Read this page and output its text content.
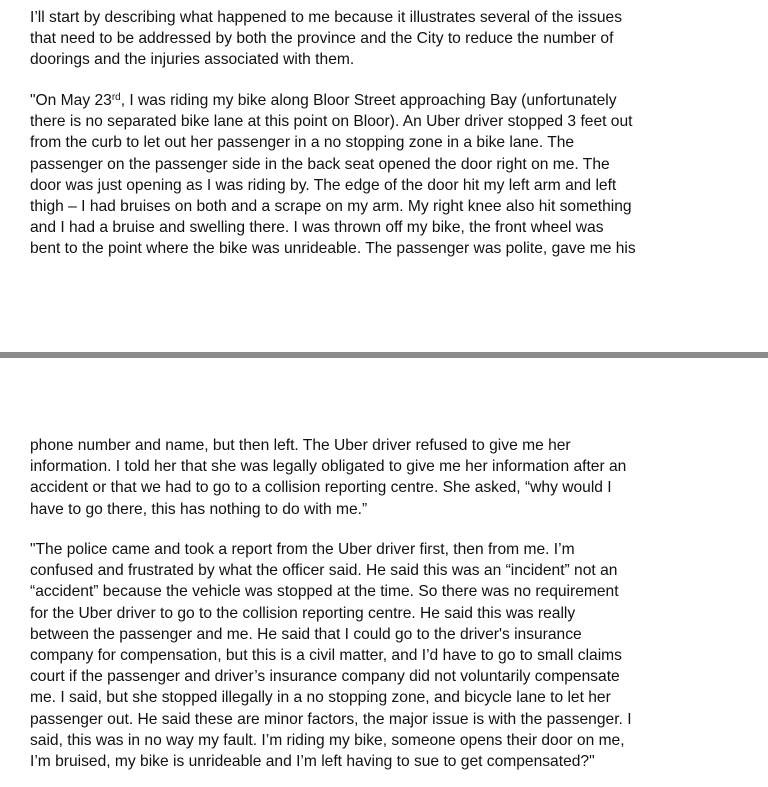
I’ll start by describing what happened to me because it illustrates several of the issues
that need to be addressed by both the province and the City to reduce the number of
doorings and the injuries associated with them.

"On May 23rd, I was riding my bike along Bloor Street approaching Bay (unfortunately
there is no separated bike lane at this point on Bloor). An Uber driver stopped 3 feet out
from the curb to let out her passenger in a no stopping zone in a bike lane. The
passenger on the passenger side in the back seat opened the door right on me. The
door was just opening as I was riding by. The edge of the door hit my left arm and left
thigh – I had bruises on both and a scrape on my arm. My right knee also hit something
and I had a bruise and swelling there. I was thrown off my bike, the front wheel was
bent to the point where the bike was unrideable. The passenger was polite, gave me his

phone number and name, but then left. The Uber driver refused to give me her
information. I told her that she was legally obligated to give me her information after an
accident or that we had to go to a collision reporting centre. She asked, “why would I
have to go there, this has nothing to do with me.”

"The police came and took a report from the Uber driver first, then from me. I’m
confused and frustrated by what the officer said. He said this was an “incident” not an
“accident” because the vehicle was stopped at the time. So there was no requirement
for the Uber driver to go to the collision reporting centre. He said this was really
between the passenger and me. He said that I could go to the driver's insurance
company for compensation, but this is a civil matter, and I’d have to go to small claims
court if the passenger and driver’s insurance company did not voluntarily compensate
me. I said, but she stopped illegally in a no stopping zone, and bicycle lane to let her
passenger out. He said these are minor factors, the major issue is with the passenger. I
said, this was in no way my fault. I’m riding my bike, someone opens their door on me,
I’m bruised, my bike is unrideable and I’m left having to sue to get compensated?"
